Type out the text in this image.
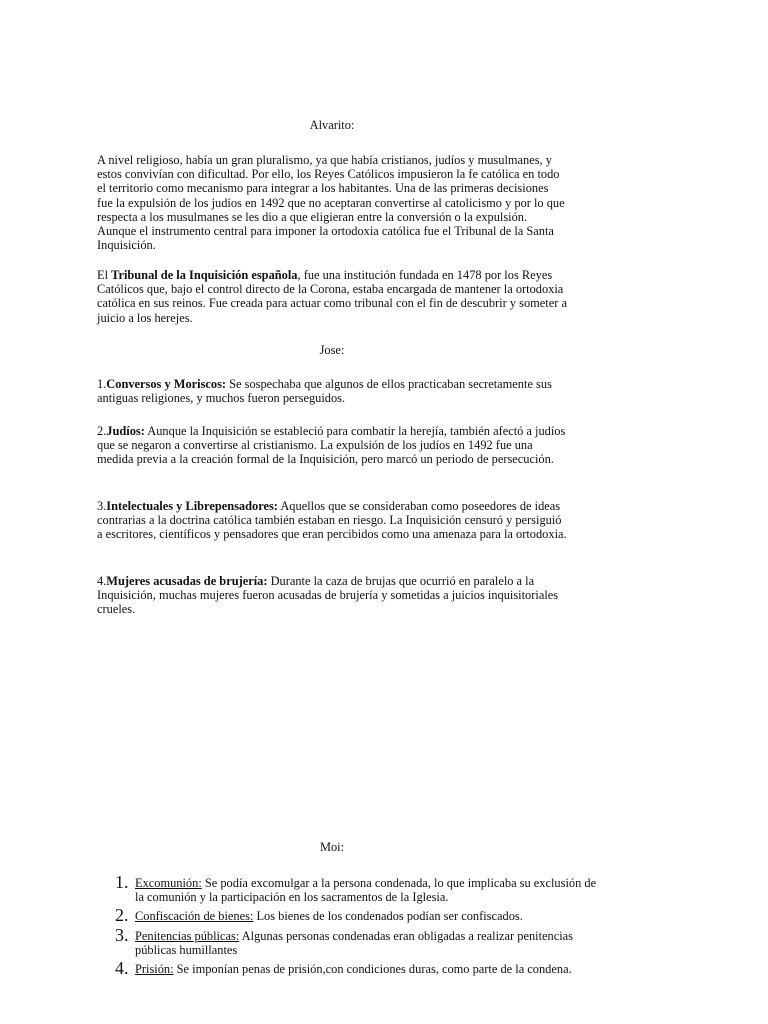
Alvarito:

A nivel religioso, había un gran pluralismo, ya que había cristianos, judíos y musulmanes, y estos convivían con dificultad. Por ello, los Reyes Católicos impusieron la fe católica en todo el territorio como mecanismo para integrar a los habitantes. Una de las primeras decisiones fue la expulsión de los judíos en 1492 que no aceptaran convertirse al catolicismo y por lo que respecta a los musulmanes se les dio a que eligieran entre la conversión o la expulsión. Aunque el instrumento central para imponer la ortodoxia católica fue el Tribunal de la Santa Inquisición.

El Tribunal de la Inquisición española, fue una institución fundada en 1478 por los Reyes Católicos que, bajo el control directo de la Corona, estaba encargada de mantener la ortodoxia católica en sus reinos. Fue creada para actuar como tribunal con el fin de descubrir y someter a juicio a los herejes.

Jose:

1.Conversos y Moriscos: Se sospechaba que algunos de ellos practicaban secretamente sus antiguas religiones, y muchos fueron perseguidos.

2.Judíos: Aunque la Inquisición se estableció para combatir la herejía, también afectó a judíos que se negaron a convertirse al cristianismo. La expulsión de los judíos en 1492 fue una medida previa a la creación formal de la Inquisición, pero marcó un periodo de persecución.

3.Intelectuales y Librepensadores: Aquellos que se consideraban como poseedores de ideas contrarias a la doctrina católica también estaban en riesgo. La Inquisición censuró y persiguió a escritores, científicos y pensadores que eran percibidos como una amenaza para la ortodoxia.

4.Mujeres acusadas de brujería: Durante la caza de brujas que ocurrió en paralelo a la Inquisición, muchas mujeres fueron acusadas de brujería y sometidas a juicios inquisitoriales crueles.

Moi:
1. Excomunión: Se podía excomulgar a la persona condenada, lo que implicaba su exclusión de la comunión y la participación en los sacramentos de la Iglesia.
2. Confiscación de bienes: Los bienes de los condenados podían ser confiscados.
3. Penitencias públicas: Algunas personas condenadas eran obligadas a realizar penitencias públicas humillantes
4. Prisión: Se imponían penas de prisión,con condiciones duras, como parte de la condena.
